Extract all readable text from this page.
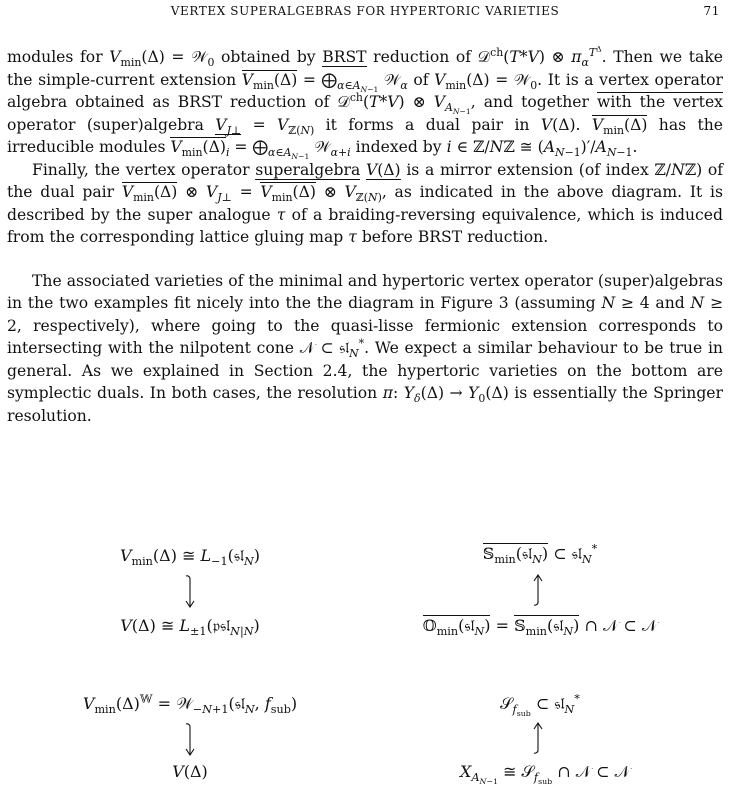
VERTEX SUPERALGEBRAS FOR HYPERTORIC VARIETIES	71

modules for $V_{min}(\Delta)$ = 𝒲$_0$ obtained by BRST reduction of 𝒟$^{ch}$(T*V) ⊗ $\pi_\alpha^{T^\Delta}$. Then we take the simple-current extension $V_{min}(\Delta)$ = $⨁_{\alpha\in A_{N-1}}$ 𝒲$_\alpha$ of $V_{min}(\Delta)$ = 𝒲$_0$. It is a vertex operator algebra obtained as BRST reduction of 𝒟$^{ch}$(T*V) ⊗ $V_{A_{N-1}}$, and together with the vertex operator (super)algebra $V_{J\perp} = V_{ℤ(N)}$ it forms a dual pair in V(Δ). $V_{min}(\Delta)$ has the irreducible modules $V_{min}(\Delta)_i$ = $⨁_{\alpha\in A_{N-1}}$ 𝒲$_{\alpha+i}$ indexed by i ∈ ℤ/Nℤ ≅ $(A_{N-1})'/A_{N-1}$.

Finally, the vertex operator superalgebra V(Δ) is a mirror extension (of index ℤ/Nℤ) of the dual pair $V_{min}(\Delta)$ ⊗ $V_{J\perp} = V_{min}(\Delta)$ ⊗ $V_{ℤ(N)}$, as indicated in the above diagram. It is described by the super analogue τ of a braiding-reversing equivalence, which is induced from the corresponding lattice gluing map τ before BRST reduction.

The associated varieties of the minimal and hypertoric vertex operator (super)algebras in the two examples fit nicely into the the diagram in Figure 3 (assuming N ≥ 4 and N ≥ 2, respectively), where going to the quasi-lisse fermionic extension corresponds to intersecting with the nilpotent cone 𝒩 ⊂ 𝔰𝔩$_N$*. We expect a similar behaviour to be true in general. As we explained in Section 2.4, the hypertoric varieties on the bottom are symplectic duals. In both cases, the resolution π: $Y_\delta(\Delta) \to Y_0(\Delta)$ is essentially the Springer resolution.

$V_{min}(\Delta)$ ≅ $L_{-1}(𝔰𝔩_N)$
V(Δ) ≅ $L_{\pm 1}(𝔭𝔰𝔩_{N|N})$
𝕊$_{min}$(𝔰𝔩$_N$) ⊂ 𝔰𝔩$_N$*
𝕆$_{min}$(𝔰𝔩$_N$) = 𝕊$_{min}$(𝔰𝔩$_N$) ∩ 𝒩 ⊂ 𝒩
$V_{min}(\Delta)^𝕎$ = 𝒲$_{-N+1}$(𝔰𝔩$_N$, $f_{sub}$)
V(Δ)
𝒮$_{f_{sub}}$ ⊂ 𝔰𝔩$_N$*
$X_{A_{N-1}}$ ≅ 𝒮$_{f_{sub}}$ ∩ 𝒩 ⊂ 𝒩
